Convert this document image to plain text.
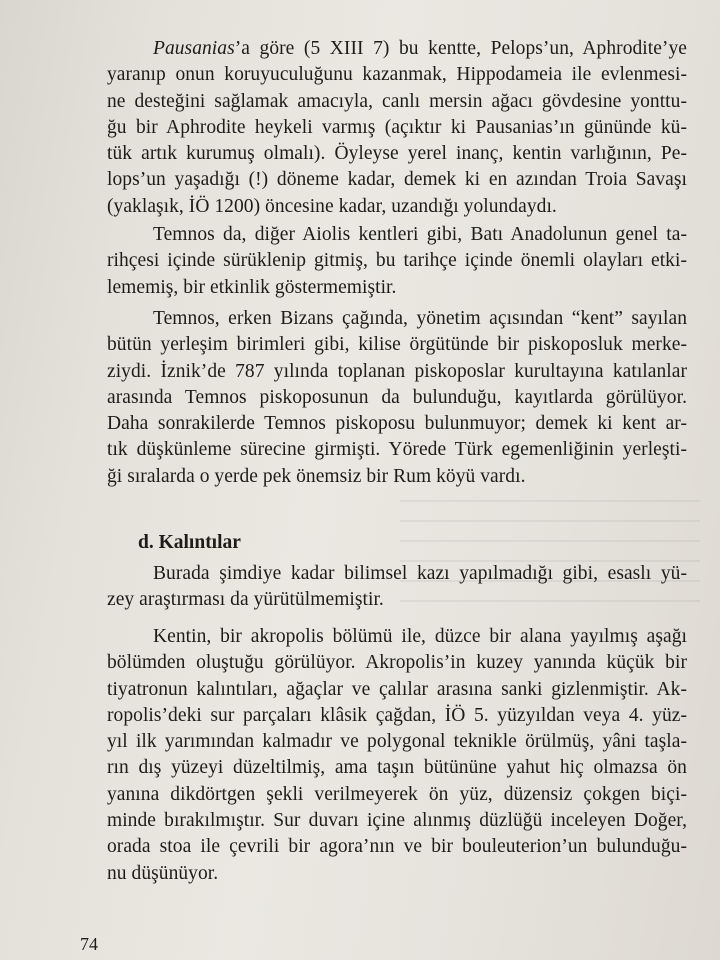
Pausanias’a göre (5 XIII 7) bu kentte, Pelops’un, Aphrodite’ye
yaranıp onun koruyuculuğunu kazanmak, Hippodameia ile evlenmesi-
ne desteğini sağlamak amacıyla, canlı mersin ağacı gövdesine yonttu-
ğu bir Aphrodite heykeli varmış (açıktır ki Pausanias’ın gününde kü-
tük artık kurumuş olmalı). Öyleyse yerel inanç, kentin varlığının, Pe-
lops’un yaşadığı (!) döneme kadar, demek ki en azından Troia Savaşı
(yaklaşık, İÖ 1200) öncesine kadar, uzandığı yolundaydı.
Temnos da, diğer Aiolis kentleri gibi, Batı Anadolunun genel ta-
rihçesi içinde sürüklenip gitmiş, bu tarihçe içinde önemli olayları etki-
lememiş, bir etkinlik göstermemiştir.
Temnos, erken Bizans çağında, yönetim açısından “kent” sayılan
bütün yerleşim birimleri gibi, kilise örgütünde bir piskoposluk merke-
ziydi. İznik’de 787 yılında toplanan piskoposlar kurultayına katılanlar
arasında Temnos piskoposunun da bulunduğu, kayıtlarda görülüyor.
Daha sonrakilerde Temnos piskoposu bulunmuyor; demek ki kent ar-
tık düşkünleme sürecine girmişti. Yörede Türk egemenliğinin yerleşti-
ği sıralarda o yerde pek önemsiz bir Rum köyü vardı.
Burada şimdiye kadar bilimsel kazı yapılmadığı gibi, esaslı yü-
zey araştırması da yürütülmemiştir.
Kentin, bir akropolis bölümü ile, düzce bir alana yayılmış aşağı
bölümden oluştuğu görülüyor. Akropolis’in kuzey yanında küçük bir
tiyatronun kalıntıları, ağaçlar ve çalılar arasına sanki gizlenmiştir. Ak-
ropolis’deki sur parçaları klâsik çağdan, İÖ 5. yüzyıldan veya 4. yüz-
yıl ilk yarımından kalmadır ve polygonal teknikle örülmüş, yâni taşla-
rın dış yüzeyi düzeltilmiş, ama taşın bütününe yahut hiç olmazsa ön
yanına dikdörtgen şekli verilmeyerek ön yüz, düzensiz çokgen biçi-
minde bırakılmıştır. Sur duvarı içine alınmış düzlüğü inceleyen Doğer,
orada stoa ile çevrili bir agora’nın ve bir bouleuterion’un bulunduğu-
nu düşünüyor.
d. Kalıntılar
74
